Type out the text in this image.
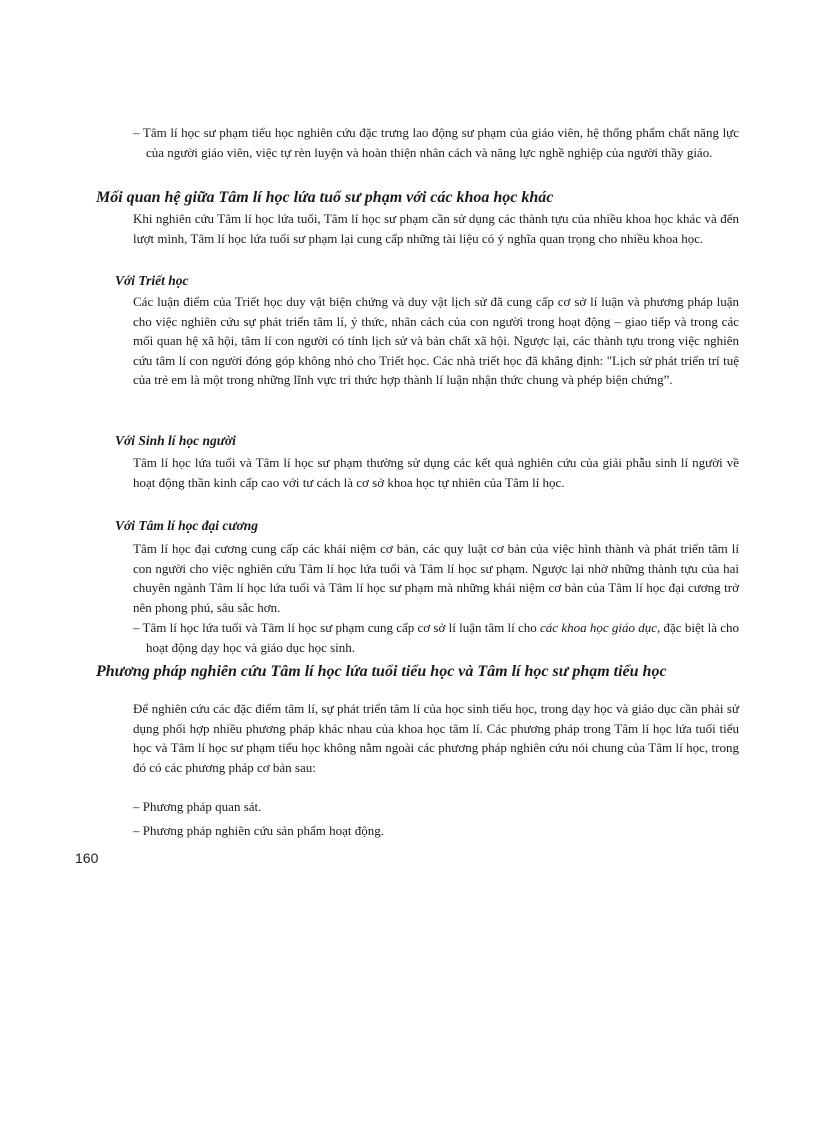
– Tâm lí học sư phạm tiểu học nghiên cứu đặc trưng lao động sư phạm của giáo viên, hệ thống phẩm chất năng lực của người giáo viên, việc tự rèn luyện và hoàn thiện nhân cách và năng lực nghề nghiệp của người thầy giáo.

Mối quan hệ giữa Tâm lí học lứa tuổ sư phạm với các khoa học khác

Khi nghiên cứu Tâm lí học lứa tuổi, Tâm lí học sư phạm cần sử dụng các thành tựu của nhiều khoa học khác và đến lượt mình, Tâm lí học lứa tuổi sư phạm lại cung cấp những tài liệu có ý nghĩa quan trọng cho nhiều khoa học.

Với Triết học

Các luận điểm của Triết học duy vật biện chứng và duy vật lịch sử đã cung cấp cơ sở lí luận và phương pháp luận cho việc nghiên cứu sự phát triển tâm lí, ý thức, nhân cách của con người trong hoạt động – giao tiếp và trong các mối quan hệ xã hội, tâm lí con người có tính lịch sử và bản chất xã hội. Ngược lại, các thành tựu trong việc nghiên cứu tâm lí con người đóng góp không nhỏ cho Triết học. Các nhà triết học đã khẳng định: "Lịch sử phát triển trí tuệ của trẻ em là một trong những lĩnh vực tri thức hợp thành lí luận nhận thức chung và phép biện chứng”.

Với Sinh lí học người

Tâm lí học lứa tuổi và Tâm lí học sư phạm thường sử dụng các kết quả nghiên cứu của giải phẫu sinh lí người về hoạt động thần kinh cấp cao với tư cách là cơ sở khoa học tự nhiên của Tâm lí học.

Với Tâm lí học đại cương

Tâm lí học đại cương cung cấp các khái niệm cơ bản, các quy luật cơ bản của việc hình thành và phát triển tâm lí con người cho việc nghiên cứu Tâm lí học lứa tuổi và Tâm lí học sư phạm. Ngược lại nhờ những thành tựu của hai chuyên ngành Tâm lí học lứa tuổi và Tâm lí học sư phạm mà những khái niệm cơ bản của Tâm lí học đại cương trở nên phong phú, sâu sắc hơn.

– Tâm lí học lứa tuổi và Tâm lí học sư phạm cung cấp cơ sở lí luận tâm lí cho các khoa học giáo dục, đặc biệt là cho hoạt động dạy học và giáo dục học sinh.

Phương pháp nghiên cứu Tâm lí học lứa tuổi tiểu học và Tâm lí học sư phạm tiểu học

Để nghiên cứu các đặc điểm tâm lí, sự phát triển tâm lí của học sinh tiểu học, trong dạy học và giáo dục cần phải sử dụng phối hợp nhiều phương pháp khác nhau của khoa học tâm lí. Các phương pháp trong Tâm lí học lứa tuổi tiểu học và Tâm lí học sư phạm tiểu học không nằm ngoài các phương pháp nghiên cứu nói chung của Tâm lí học, trong đó có các phương pháp cơ bản sau:

– Phương pháp quan sát.

– Phương pháp nghiên cứu sản phẩm hoạt động.

160
